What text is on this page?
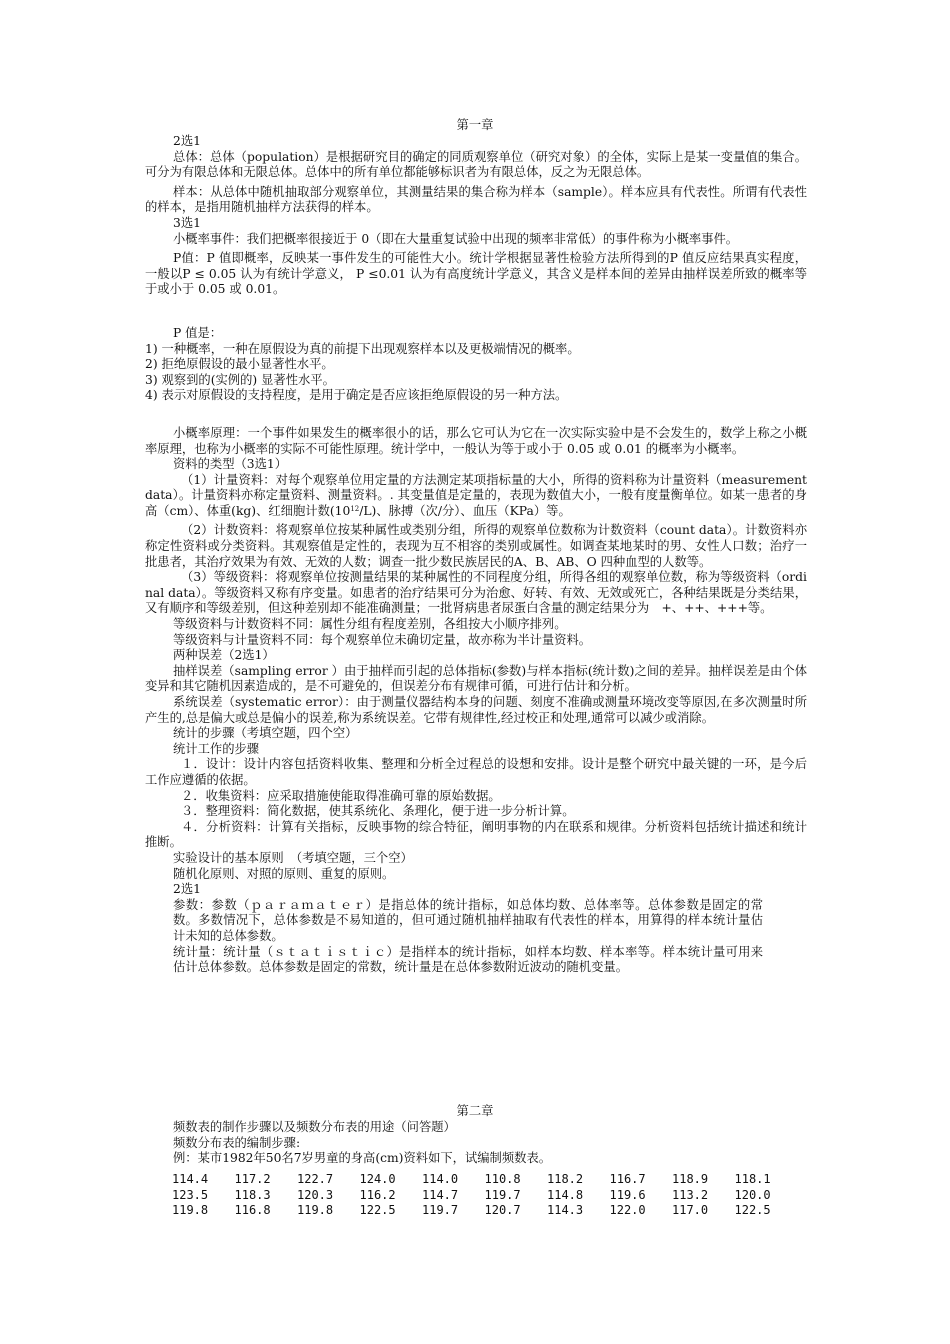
第一章
2选1
总体：总体（population）是根据研究目的确定的同质观察单位（研究对象）的全体，实际上是某一变量值的集合。可分为有限总体和无限总体。总体中的所有单位都能够标识者为有限总体，反之为无限总体。
样本：从总体中随机抽取部分观察单位，其测量结果的集合称为样本（sample）。样本应具有代表性。所谓有代表性的样本，是指用随机抽样方法获得的样本。
3选1
小概率事件：我们把概率很接近于 0（即在大量重复试验中出现的频率非常低）的事件称为小概率事件。
P值：P 值即概率，反映某一事件发生的可能性大小。统计学根据显著性检验方法所得到的P 值反应结果真实程度，一般以P ≤ 0.05 认为有统计学意义， P ≤0.01 认为有高度统计学意义，其含义是样本间的差异由抽样误差所致的概率等于或小于 0.05 或 0.01。
P 值是：
1) 一种概率，一种在原假设为真的前提下出现观察样本以及更极端情况的概率。
2) 拒绝原假设的最小显著性水平。
3) 观察到的(实例的) 显著性水平。
4) 表示对原假设的支持程度，是用于确定是否应该拒绝原假设的另一种方法。
小概率原理：一个事件如果发生的概率很小的话，那么它可认为它在一次实际实验中是不会发生的，数学上称之小概率原理，也称为小概率的实际不可能性原理。统计学中，一般认为等于或小于 0.05 或 0.01 的概率为小概率。
资料的类型（3选1）
（1）计量资料：对每个观察单位用定量的方法测定某项指标量的大小，所得的资料称为计量资料（measurementdata）。计量资料亦称定量资料、测量资料。. 其变量值是定量的，表现为数值大小，一般有度量衡单位。如某一患者的身高（cm）、体重(kg)、红细胞计数$(10^{12}/L)$、脉搏（次/分）、血压（KPa）等。
（2）计数资料：将观察单位按某种属性或类别分组，所得的观察单位数称为计数资料（count data）。计数资料亦称定性资料或分类资料。其观察值是定性的，表现为互不相容的类别或属性。如调查某地某时的男、女性人口数；治疗一批患者，其治疗效果为有效、无效的人数；调查一批少数民族居民的A、B、AB、O 四种血型的人数等。
（3）等级资料：将观察单位按测量结果的某种属性的不同程度分组，所得各组的观察单位数，称为等级资料（ordinal data）。等级资料又称有序变量。如患者的治疗结果可分为治愈、好转、有效、无效或死亡，各种结果既是分类结果，又有顺序和等级差别，但这种差别却不能准确测量；一批肾病患者尿蛋白含量的测定结果分为　+、++、+++等。
等级资料与计数资料不同：属性分组有程度差别，各组按大小顺序排列。
等级资料与计量资料不同：每个观察单位未确切定量，故亦称为半计量资料。
两种误差（2选1）
抽样误差（sampling error ）由于抽样而引起的总体指标(参数)与样本指标(统计数)之间的差异。抽样误差是由个体变异和其它随机因素造成的，是不可避免的，但误差分布有规律可循，可进行估计和分析。
系统误差（systematic error）：由于测量仪器结构本身的问题、刻度不准确或测量环境改变等原因,在多次测量时所产生的,总是偏大或总是偏小的误差,称为系统误差。它带有规律性,经过校正和处理,通常可以减少或消除。
统计的步骤（考填空题，四个空）
统计工作的步骤
１．设计：设计内容包括资料收集、整理和分析全过程总的设想和安排。设计是整个研究中最关键的一环，是今后工作应遵循的依据。
２．收集资料：应采取措施使能取得准确可靠的原始数据。
３．整理资料：简化数据，使其系统化、条理化，便于进一步分析计算。
４．分析资料：计算有关指标，反映事物的综合特征，阐明事物的内在联系和规律。分析资料包括统计描述和统计推断。
实验设计的基本原则　（考填空题，三个空）
随机化原则、对照的原则、重复的原则。
2选1
参数：参数（ｐａｒａｍａｔｅｒ）是指总体的统计指标，如总体均数、总体率等。总体参数是固定的常数。多数情况下，总体参数是不易知道的，但可通过随机抽样抽取有代表性的样本，用算得的样本统计量估计未知的总体参数。
统计量：统计量（ｓｔａｔｉｓｔｉｃ）是指样本的统计指标，如样本均数、样本率等。样本统计量可用来估计总体参数。总体参数是固定的常数，统计量是在总体参数附近波动的随机变量。
第二章
频数表的制作步骤以及频数分布表的用途（问答题）
频数分布表的编制步骤:
例：某市1982年50名7岁男童的身高(cm)资料如下，试编制频数表。
114.4	117.2	122.7	124.0	114.0	110.8	118.2	116.7	118.9	118.1
123.5	118.3	120.3	116.2	114.7	119.7	114.8	119.6	113.2	120.0
119.8	116.8	119.8	122.5	119.7	120.7	114.3	122.0	117.0	122.5
